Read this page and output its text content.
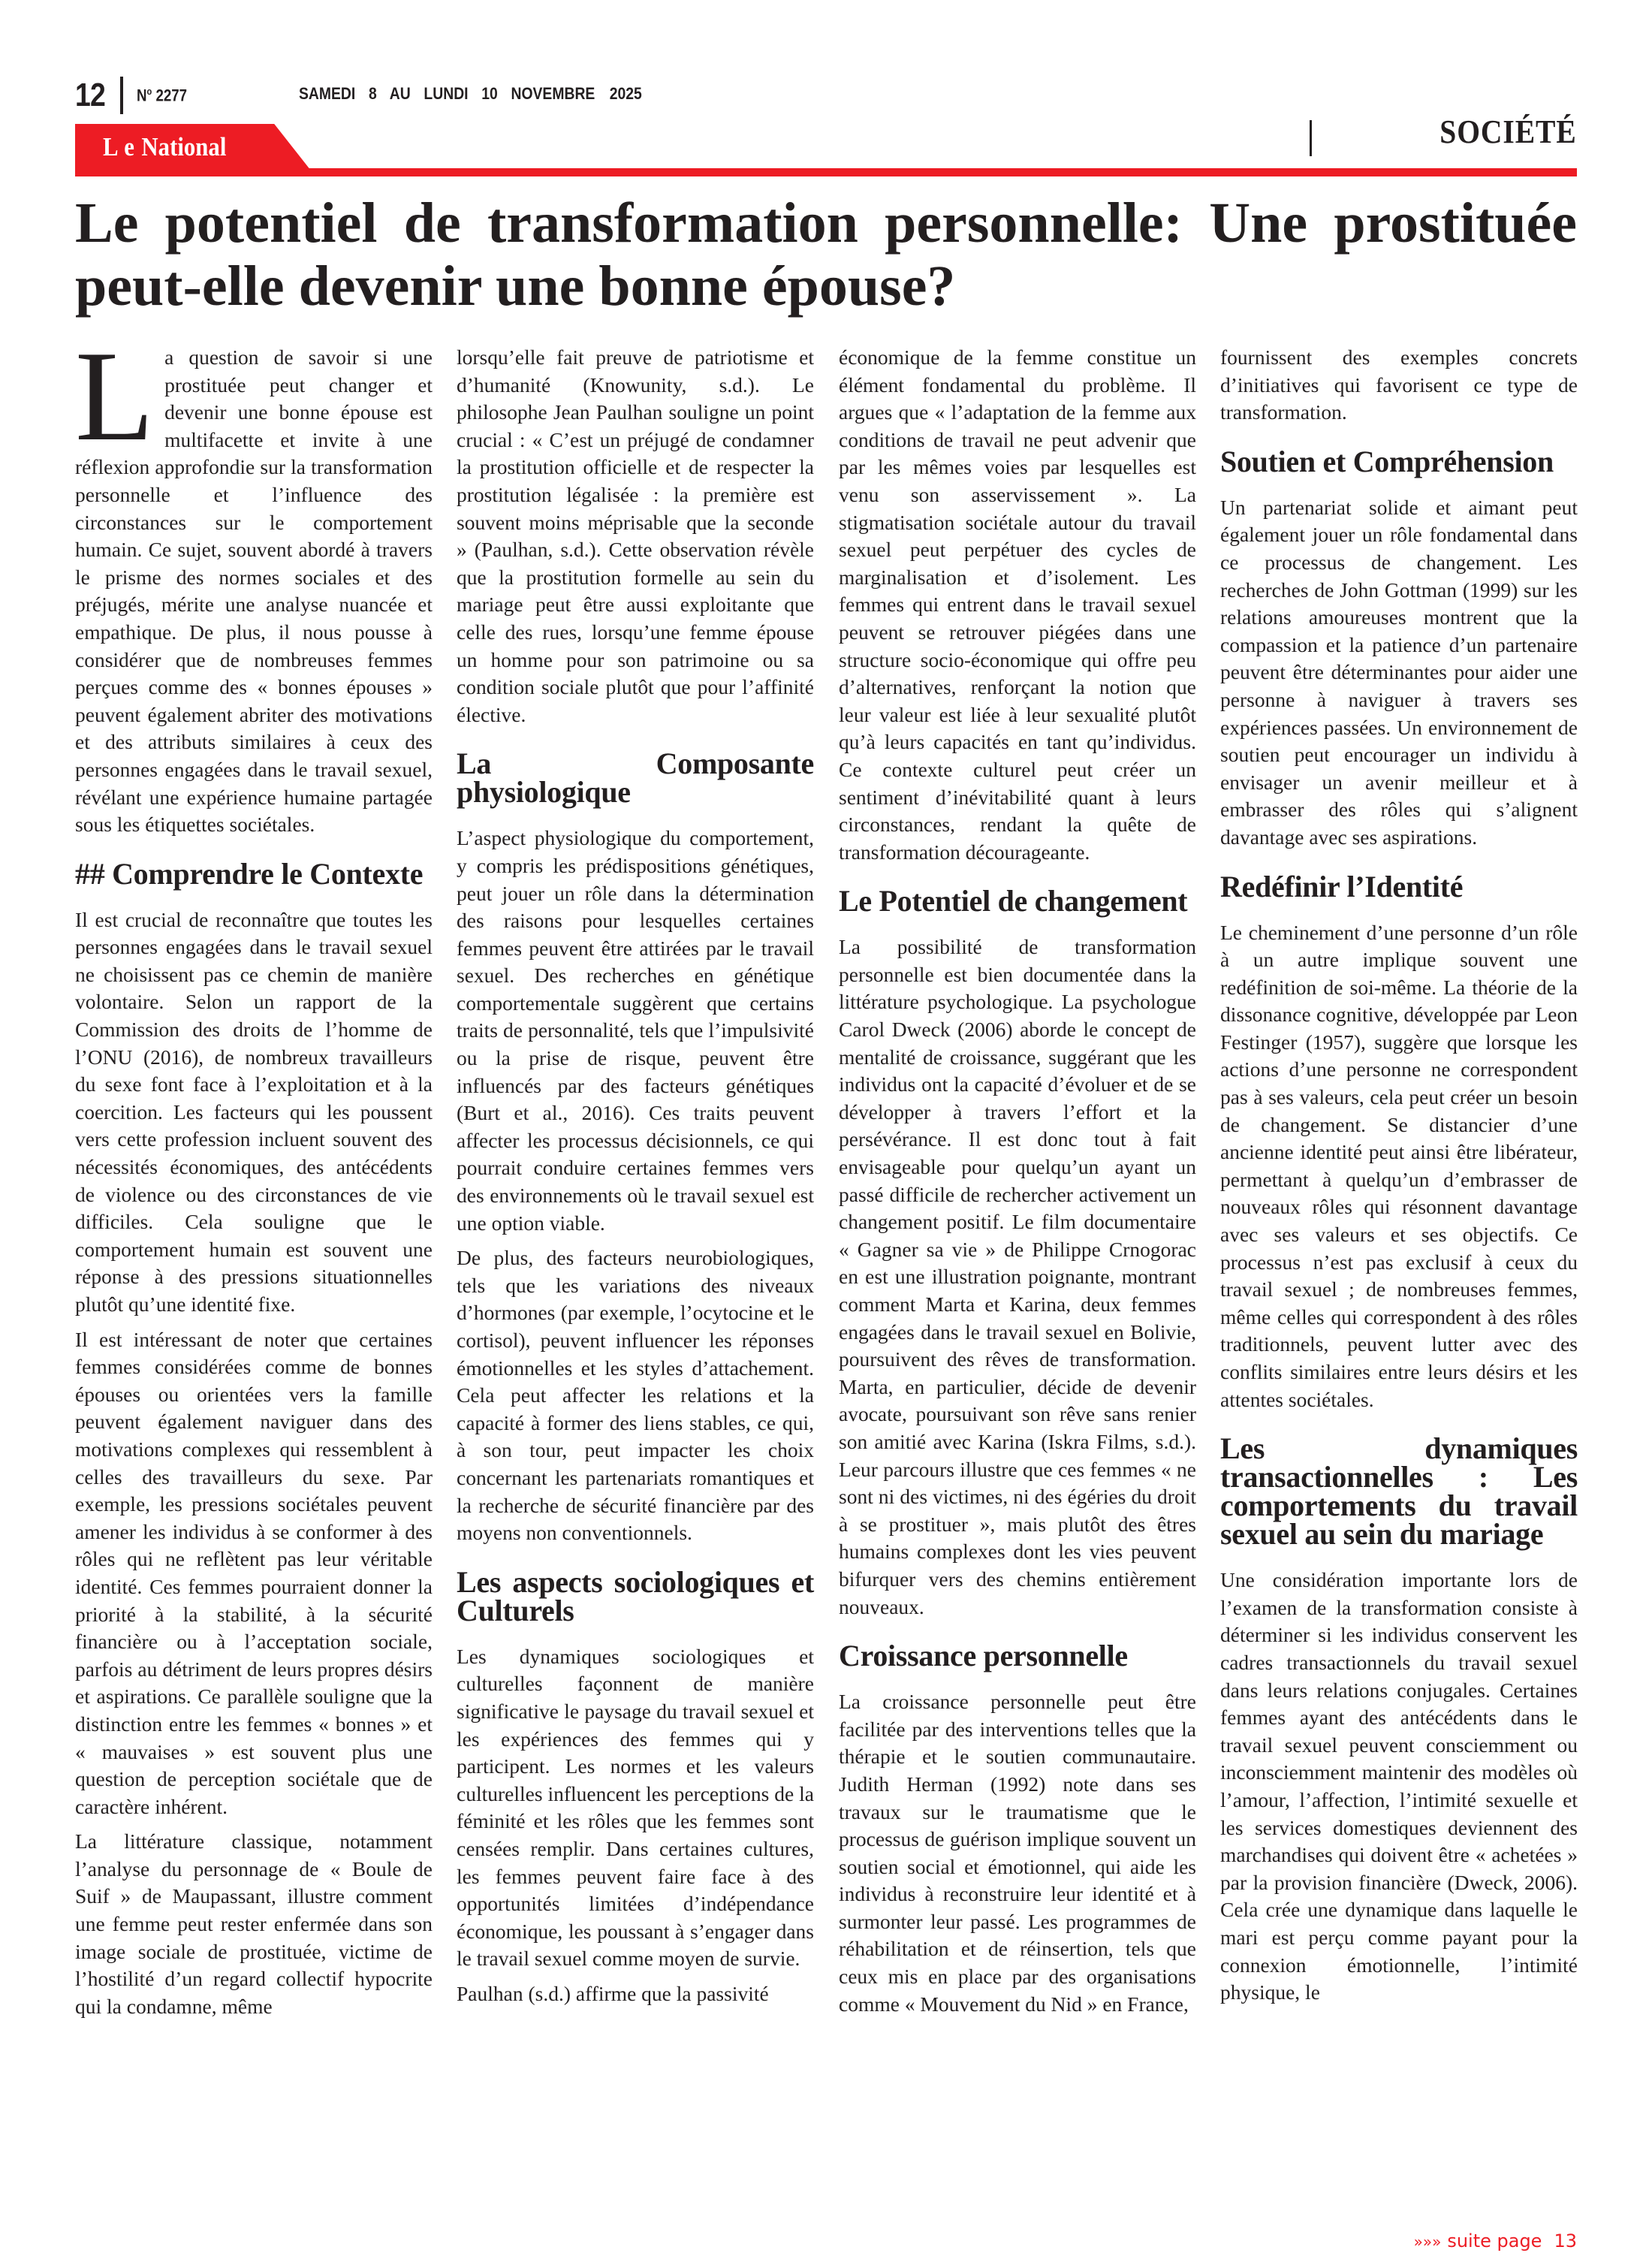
12 $N^o$ 2277	SAMEDI 8 AU LUNDI 10 NOVEMBRE 2025
L e National	SOCIÉTÉ
Le potentiel de transformation personnelle: Une prostituée peut-elle devenir une bonne épouse?

La question de savoir si une prostituée peut changer et devenir une bonne épouse est multifacette et invite à une réflexion approfondie sur la transformation personnelle et l’influence des circonstances sur le comportement humain. Ce sujet, souvent abordé à travers le prisme des normes sociales et des préjugés, mérite une analyse nuancée et empathique. De plus, il nous pousse à considérer que de nombreuses femmes perçues comme des « bonnes épouses » peuvent également abriter des motivations et des attributs similaires à ceux des personnes engagées dans le travail sexuel, révélant une expérience humaine partagée sous les étiquettes sociétales.

## Comprendre le Contexte

Il est crucial de reconnaître que toutes les personnes engagées dans le travail sexuel ne choisissent pas ce chemin de manière volontaire. Selon un rapport de la Commission des droits de l’homme de l’ONU (2016), de nombreux travailleurs du sexe font face à l’exploitation et à la coercition. Les facteurs qui les poussent vers cette profession incluent souvent des nécessités économiques, des antécédents de violence ou des circonstances de vie difficiles. Cela souligne que le comportement humain est souvent une réponse à des pressions situationnelles plutôt qu’une identité fixe.

Il est intéressant de noter que certaines femmes considérées comme de bonnes épouses ou orientées vers la famille peuvent également naviguer dans des motivations complexes qui ressemblent à celles des travailleurs du sexe. Par exemple, les pressions sociétales peuvent amener les individus à se conformer à des rôles qui ne reflètent pas leur véritable identité. Ces femmes pourraient donner la priorité à la stabilité, à la sécurité financière ou à l’acceptation sociale, parfois au détriment de leurs propres désirs et aspirations. Ce parallèle souligne que la distinction entre les femmes « bonnes » et « mauvaises » est souvent plus une question de perception sociétale que de caractère inhérent.

La littérature classique, notamment l’analyse du personnage de « Boule de Suif » de Maupassant, illustre comment une femme peut rester enfermée dans son image sociale de prostituée, victime de l’hostilité d’un regard collectif hypocrite qui la condamne, même

lorsqu’elle fait preuve de patriotisme et d’humanité (Knowunity, s.d.). Le philosophe Jean Paulhan souligne un point crucial : « C’est un préjugé de condamner la prostitution officielle et de respecter la prostitution légalisée : la première est souvent moins méprisable que la seconde » (Paulhan, s.d.). Cette observation révèle que la prostitution formelle au sein du mariage peut être aussi exploitante que celle des rues, lorsqu’une femme épouse un homme pour son patrimoine ou sa condition sociale plutôt que pour l’affinité élective.

La Composante physiologique

L’aspect physiologique du comportement, y compris les prédispositions génétiques, peut jouer un rôle dans la détermination des raisons pour lesquelles certaines femmes peuvent être attirées par le travail sexuel. Des recherches en génétique comportementale suggèrent que certains traits de personnalité, tels que l’impulsivité ou la prise de risque, peuvent être influencés par des facteurs génétiques (Burt et al., 2016). Ces traits peuvent affecter les processus décisionnels, ce qui pourrait conduire certaines femmes vers des environnements où le travail sexuel est une option viable.

De plus, des facteurs neurobiologiques, tels que les variations des niveaux d’hormones (par exemple, l’ocytocine et le cortisol), peuvent influencer les réponses émotionnelles et les styles d’attachement. Cela peut affecter les relations et la capacité à former des liens stables, ce qui, à son tour, peut impacter les choix concernant les partenariats romantiques et la recherche de sécurité financière par des moyens non conventionnels.

Les aspects sociologiques et Culturels

Les dynamiques sociologiques et culturelles façonnent de manière significative le paysage du travail sexuel et les expériences des femmes qui y participent. Les normes et les valeurs culturelles influencent les perceptions de la féminité et les rôles que les femmes sont censées remplir. Dans certaines cultures, les femmes peuvent faire face à des opportunités limitées d’indépendance économique, les poussant à s’engager dans le travail sexuel comme moyen de survie.

Paulhan (s.d.) affirme que la passivité

économique de la femme constitue un élément fondamental du problème. Il argues que « l’adaptation de la femme aux conditions de travail ne peut advenir que par les mêmes voies par lesquelles est venu son asservissement ». La stigmatisation sociétale autour du travail sexuel peut perpétuer des cycles de marginalisation et d’isolement. Les femmes qui entrent dans le travail sexuel peuvent se retrouver piégées dans une structure socio-économique qui offre peu d’alternatives, renforçant la notion que leur valeur est liée à leur sexualité plutôt qu’à leurs capacités en tant qu’individus. Ce contexte culturel peut créer un sentiment d’inévitabilité quant à leurs circonstances, rendant la quête de transformation décourageante.

Le Potentiel de changement

La possibilité de transformation personnelle est bien documentée dans la littérature psychologique. La psychologue Carol Dweck (2006) aborde le concept de mentalité de croissance, suggérant que les individus ont la capacité d’évoluer et de se développer à travers l’effort et la persévérance. Il est donc tout à fait envisageable pour quelqu’un ayant un passé difficile de rechercher activement un changement positif. Le film documentaire « Gagner sa vie » de Philippe Crnogorac en est une illustration poignante, montrant comment Marta et Karina, deux femmes engagées dans le travail sexuel en Bolivie, poursuivent des rêves de transformation. Marta, en particulier, décide de devenir avocate, poursuivant son rêve sans renier son amitié avec Karina (Iskra Films, s.d.). Leur parcours illustre que ces femmes « ne sont ni des victimes, ni des égéries du droit à se prostituer », mais plutôt des êtres humains complexes dont les vies peuvent bifurquer vers des chemins entièrement nouveaux.

Croissance personnelle

La croissance personnelle peut être facilitée par des interventions telles que la thérapie et le soutien communautaire. Judith Herman (1992) note dans ses travaux sur le traumatisme que le processus de guérison implique souvent un soutien social et émotionnel, qui aide les individus à reconstruire leur identité et à surmonter leur passé. Les programmes de réhabilitation et de réinsertion, tels que ceux mis en place par des organisations comme « Mouvement du Nid » en France,

fournissent des exemples concrets d’initiatives qui favorisent ce type de transformation.

Soutien et Compréhension

Un partenariat solide et aimant peut également jouer un rôle fondamental dans ce processus de changement. Les recherches de John Gottman (1999) sur les relations amoureuses montrent que la compassion et la patience d’un partenaire peuvent être déterminantes pour aider une personne à naviguer à travers ses expériences passées. Un environnement de soutien peut encourager un individu à envisager un avenir meilleur et à embrasser des rôles qui s’alignent davantage avec ses aspirations.

Redéfinir l’Identité

Le cheminement d’une personne d’un rôle à un autre implique souvent une redéfinition de soi-même. La théorie de la dissonance cognitive, développée par Leon Festinger (1957), suggère que lorsque les actions d’une personne ne correspondent pas à ses valeurs, cela peut créer un besoin de changement. Se distancier d’une ancienne identité peut ainsi être libérateur, permettant à quelqu’un d’embrasser de nouveaux rôles qui résonnent davantage avec ses valeurs et ses objectifs. Ce processus n’est pas exclusif à ceux du travail sexuel ; de nombreuses femmes, même celles qui correspondent à des rôles traditionnels, peuvent lutter avec des conflits similaires entre leurs désirs et les attentes sociétales.

Les dynamiques transactionnelles : Les comportements du travail sexuel au sein du mariage

Une considération importante lors de l’examen de la transformation consiste à déterminer si les individus conservent les cadres transactionnels du travail sexuel dans leurs relations conjugales. Certaines femmes ayant des antécédents dans le travail sexuel peuvent consciemment ou inconsciemment maintenir des modèles où l’amour, l’affection, l’intimité sexuelle et les services domestiques deviennent des marchandises qui doivent être « achetées » par la provision financière (Dweck, 2006). Cela crée une dynamique dans laquelle le mari est perçu comme payant pour la connexion émotionnelle, l’intimité physique, le

»»» suite page 13
